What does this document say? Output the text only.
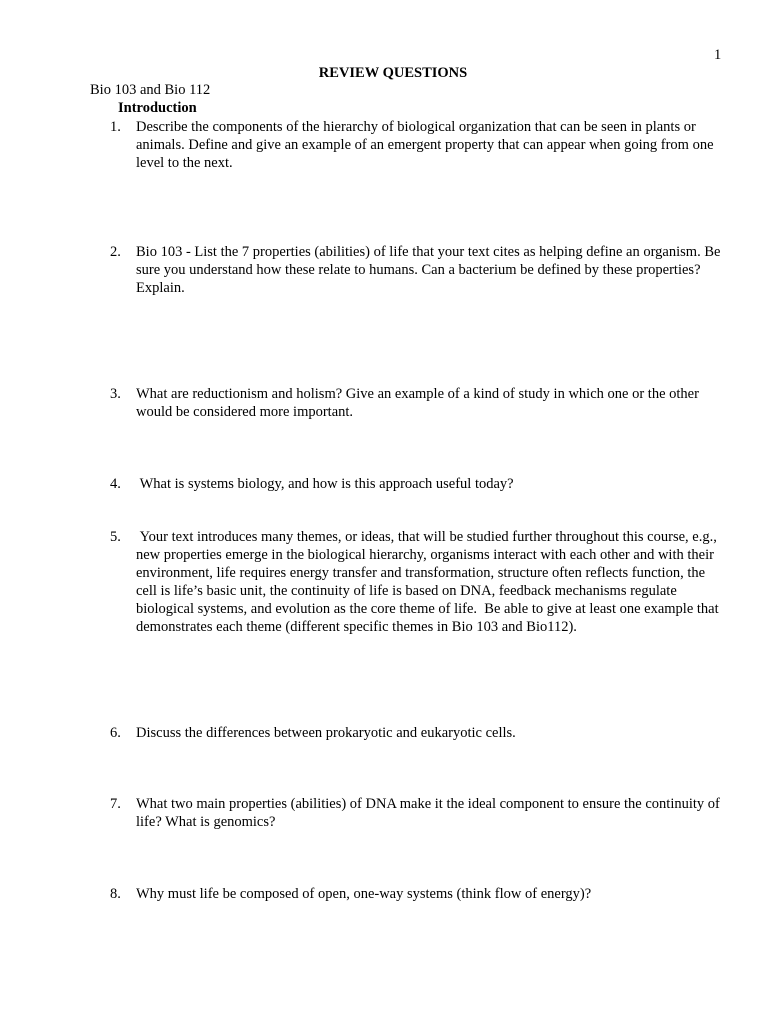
1
REVIEW QUESTIONS
Bio 103 and Bio 112
Introduction
1.	Describe the components of the hierarchy of biological organization that can be seen in plants or animals. Define and give an example of an emergent property that can appear when going from one level to the next.
2.	Bio 103 - List the 7 properties (abilities) of life that your text cites as helping define an organism. Be sure you understand how these relate to humans. Can a bacterium be defined by these properties? Explain.
3.	What are reductionism and holism? Give an example of a kind of study in which one or the other would be considered more important.
4.	What is systems biology, and how is this approach useful today?
5.	Your text introduces many themes, or ideas, that will be studied further throughout this course, e.g.,  new properties emerge in the biological hierarchy, organisms interact with each other and with their environment, life requires energy transfer and transformation, structure often reflects function, the cell is life’s basic unit, the continuity of life is based on DNA, feedback mechanisms regulate biological systems, and evolution as the core theme of life.  Be able to give at least one example that demonstrates each theme (different specific themes in Bio 103 and Bio112).
6.	Discuss the differences between prokaryotic and eukaryotic cells.
7.	What two main properties (abilities) of DNA make it the ideal component to ensure the continuity of life? What is genomics?
8.	Why must life be composed of open, one-way systems (think flow of energy)?
